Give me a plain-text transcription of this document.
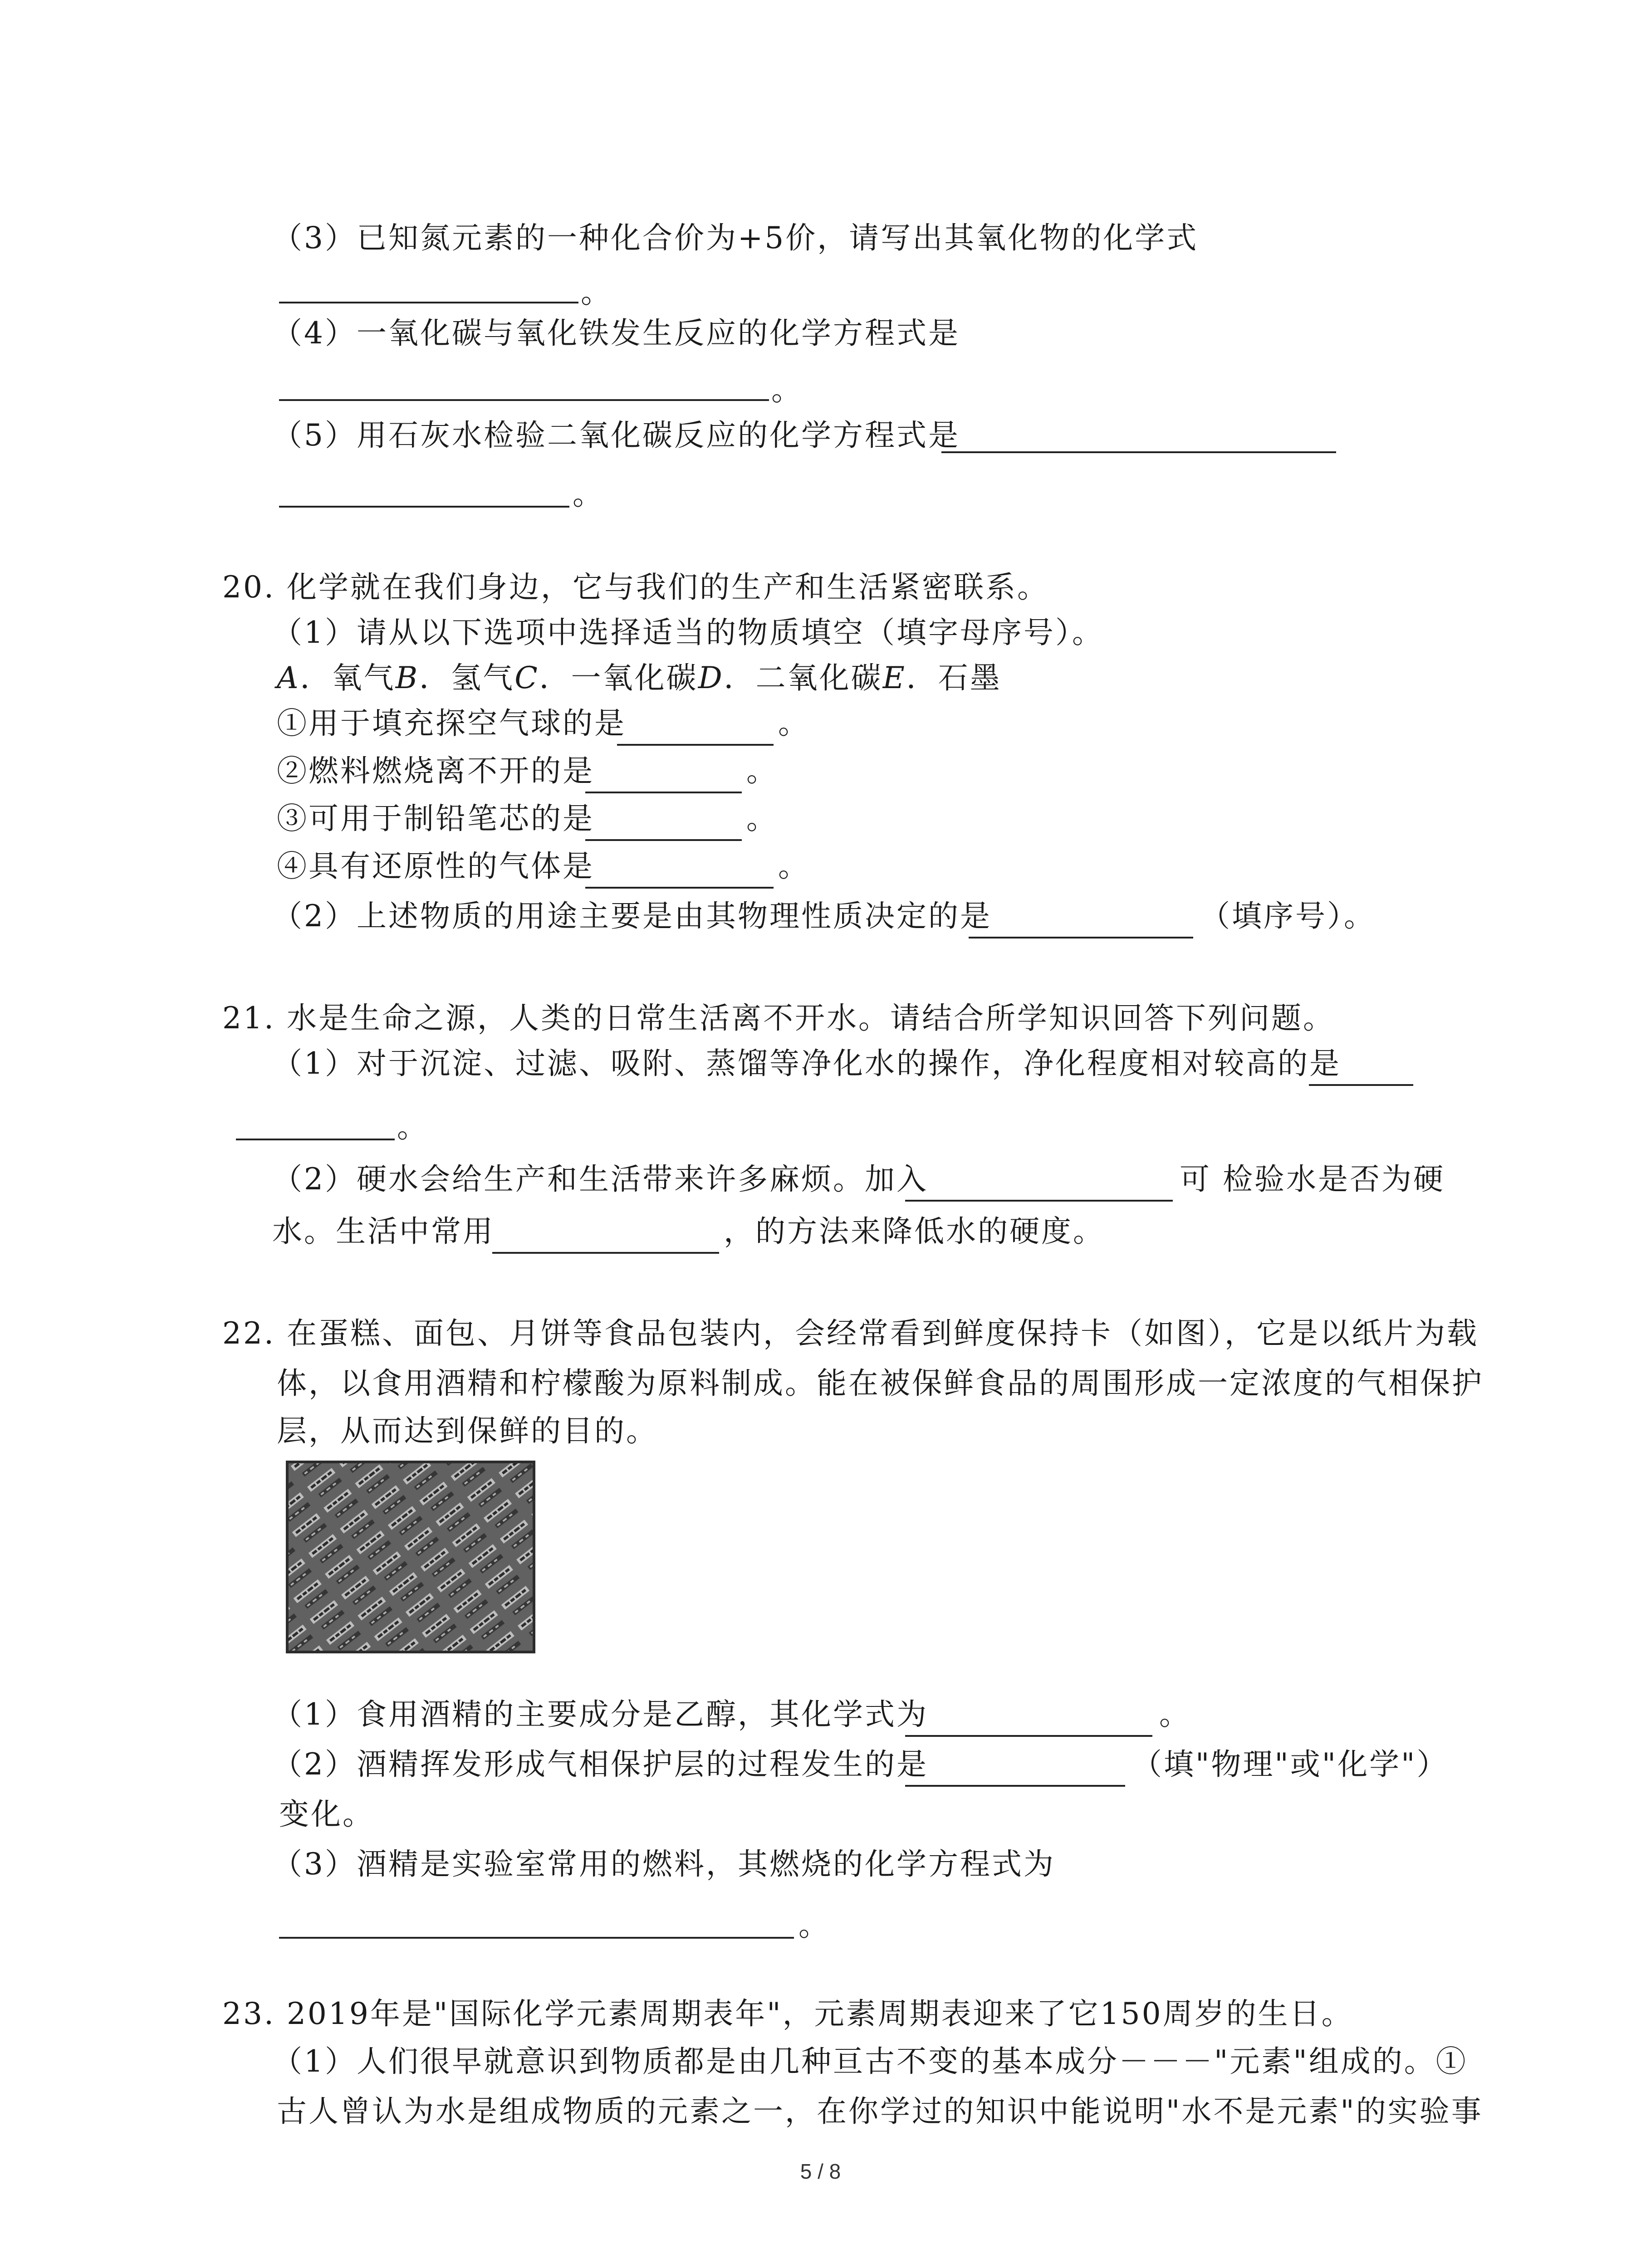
（3）已知氮元素的一种化合价为+5价，请写出其氧化物的化学式
。
（4）一氧化碳与氧化铁发生反应的化学方程式是
。
（5）用石灰水检验二氧化碳反应的化学方程式是
。
20. 化学就在我们身边，它与我们的生产和生活紧密联系。
（1）请从以下选项中选择适当的物质填空（填字母序号）。
A．氧气B．氢气C．一氧化碳D．二氧化碳E．石墨
①用于填充探空气球的是	。
②燃料燃烧离不开的是	。
③可用于制铅笔芯的是	。
④具有还原性的气体是	。
（2）上述物质的用途主要是由其物理性质决定的是	（填序号）。
21. 水是生命之源，人类的日常生活离不开水。请结合所学知识回答下列问题。
（1）对于沉淀、过滤、吸附、蒸馏等净化水的操作，净化程度相对较高的是
。
（2）硬水会给生产和生活带来许多麻烦。加入	可 检验水是否为硬
水。生活中常用	，的方法来降低水的硬度。
22. 在蛋糕、面包、月饼等食品包装内，会经常看到鲜度保持卡（如图），它是以纸片为载
体，以食用酒精和柠檬酸为原料制成。能在被保鲜食品的周围形成一定浓度的气相保护
层，从而达到保鲜的目的。
（1）食用酒精的主要成分是乙醇，其化学式为	。
（2）酒精挥发形成气相保护层的过程发生的是	（填"物理"或"化学"）
变化。
（3）酒精是实验室常用的燃料，其燃烧的化学方程式为
。
23. 2019年是"国际化学元素周期表年"，元素周期表迎来了它150周岁的生日。
（1）人们很早就意识到物质都是由几种亘古不变的基本成分－－－"元素"组成的。①
古人曾认为水是组成物质的元素之一，在你学过的知识中能说明"水不是元素"的实验事
5 / 8
